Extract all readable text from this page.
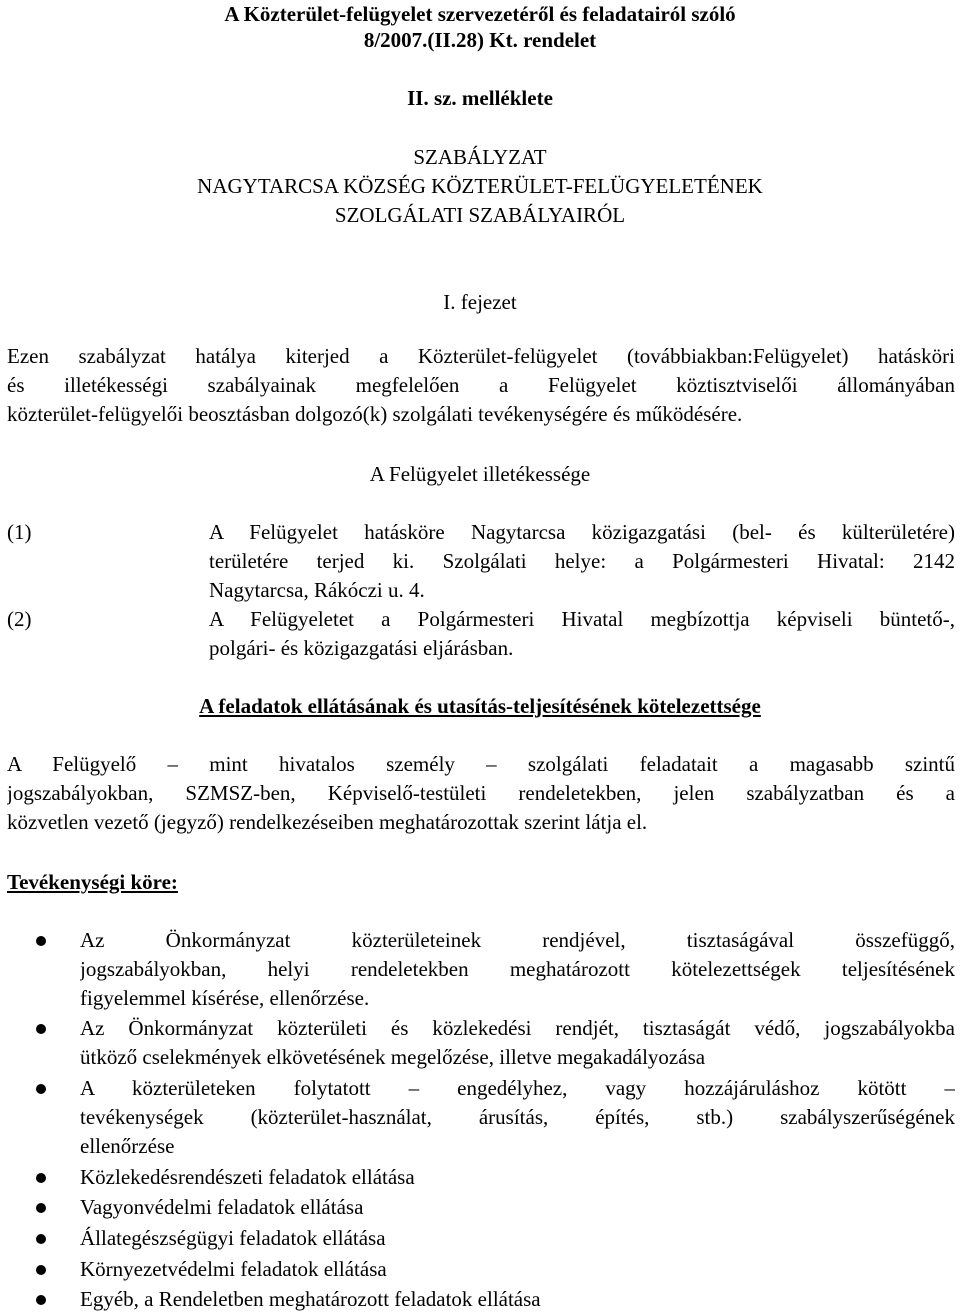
A Közterület-felügyelet szervezetéről és feladatairól szóló
8/2007.(II.28) Kt. rendelet
II. sz. melléklete
SZABÁLYZAT
NAGYTARCSA KÖZSÉG KÖZTERÜLET-FELÜGYELETÉNEK
SZOLGÁLATI SZABÁLYAIRÓL
I. fejezet
Ezen szabályzat hatálya kiterjed a Közterület-felügyelet (továbbiakban:Felügyelet) hatásköri
és illetékességi szabályainak megfelelően a Felügyelet köztisztviselői állományában
közterület-felügyelői beosztásban dolgozó(k) szolgálati tevékenységére és működésére.
A Felügyelet illetékessége
(1)	A Felügyelet hatásköre Nagytarcsa közigazgatási (bel- és külterületére)
területére terjed ki. Szolgálati helye: a Polgármesteri Hivatal: 2142
Nagytarcsa, Rákóczi u. 4.
(2)	A Felügyeletet a Polgármesteri Hivatal megbízottja képviseli büntető-,
polgári- és közigazgatási eljárásban.
A feladatok ellátásának és utasítás-teljesítésének kötelezettsége
A Felügyelő – mint hivatalos személy – szolgálati feladatait a magasabb szintű
jogszabályokban, SZMSZ-ben, Képviselő-testületi rendeletekben, jelen szabályzatban és a
közvetlen vezető (jegyző) rendelkezéseiben meghatározottak szerint látja el.
Tevékenységi köre:
Az Önkormányzat közterületeinek rendjével, tisztaságával összefüggő,
jogszabályokban, helyi rendeletekben meghatározott kötelezettségek teljesítésének
figyelemmel kísérése, ellenőrzése.
Az Önkormányzat közterületi és közlekedési rendjét, tisztaságát védő, jogszabályokba
ütköző cselekmények elkövetésének megelőzése, illetve megakadályozása
A közterületeken folytatott – engedélyhez, vagy hozzájáruláshoz kötött –
tevékenységek (közterület-használat, árusítás, építés, stb.) szabályszerűségének
ellenőrzése
Közlekedésrendészeti feladatok ellátása
Vagyonvédelmi feladatok ellátása
Állategészségügyi feladatok ellátása
Környezetvédelmi feladatok ellátása
Egyéb, a Rendeletben meghatározott feladatok ellátása
